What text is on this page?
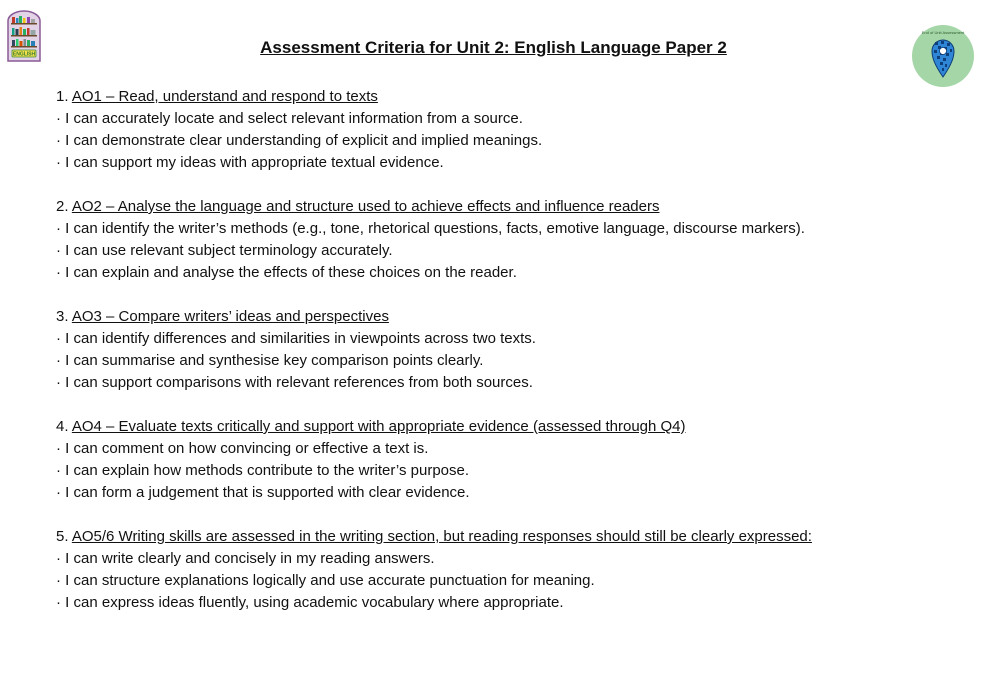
ENGLISH	Assessment Criteria for Unit 2: English Language Paper 2
End of Unit Assessment
1. AO1 – Read, understand and respond to texts
· I can accurately locate and select relevant information from a source.
· I can demonstrate clear understanding of explicit and implied meanings.
· I can support my ideas with appropriate textual evidence.
2. AO2 – Analyse the language and structure used to achieve effects and influence readers
· I can identify the writer’s methods (e.g., tone, rhetorical questions, facts, emotive language, discourse markers).
· I can use relevant subject terminology accurately.
· I can explain and analyse the effects of these choices on the reader.
3. AO3 – Compare writers’ ideas and perspectives
· I can identify differences and similarities in viewpoints across two texts.
· I can summarise and synthesise key comparison points clearly.
· I can support comparisons with relevant references from both sources.
4. AO4 – Evaluate texts critically and support with appropriate evidence (assessed through Q4)
· I can comment on how convincing or effective a text is.
· I can explain how methods contribute to the writer’s purpose.
· I can form a judgement that is supported with clear evidence.
5. AO5/6 Writing skills are assessed in the writing section, but reading responses should still be clearly expressed:
· I can write clearly and concisely in my reading answers.
· I can structure explanations logically and use accurate punctuation for meaning.
· I can express ideas fluently, using academic vocabulary where appropriate.
